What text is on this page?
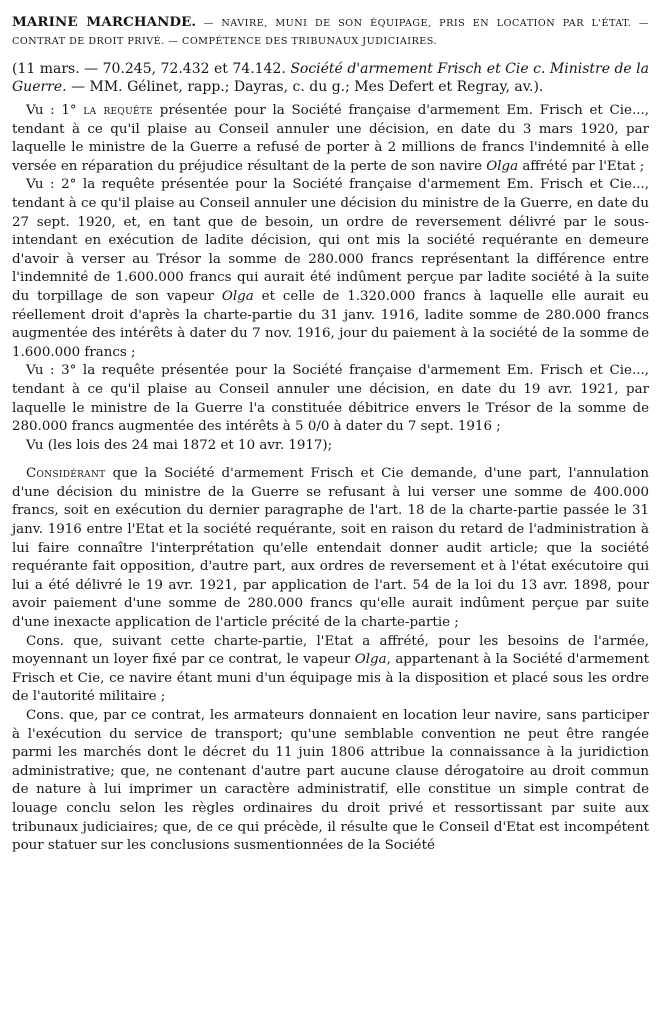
MARINE MARCHANDE. — NAVIRE, MUNI DE SON ÉQUIPAGE, PRIS EN LOCATION PAR L'ÉTAT. — CONTRAT DE DROIT PRIVÉ. — COMPÉTENCE DES TRIBUNAUX JUDICIAIRES.
(11 mars. — 70.245, 72.432 et 74.142. Société d'armement Frisch et Cie c. Ministre de la Guerre. — MM. Gélinet, rapp.; Dayras, c. du g.; Mes Defert et Regray, av.).

Vu : 1° la requête présentée pour la Société française d'armement Em. Frisch et Cie..., tendant à ce qu'il plaise au Conseil annuler une décision, en date du 3 mars 1920, par laquelle le ministre de la Guerre a refusé de porter à 2 millions de francs l'indemnité à elle versée en réparation du préjudice résultant de la perte de son navire Olga affrété par l'Etat ;

Vu : 2° la requête présentée pour la Société française d'armement Em. Frisch et Cie..., tendant à ce qu'il plaise au Conseil annuler une décision du ministre de la Guerre, en date du 27 sept. 1920, et, en tant que de besoin, un ordre de reversement délivré par le sous-intendant en exécution de ladite décision, qui ont mis la société requérante en demeure d'avoir à verser au Trésor la somme de 280.000 francs représentant la différence entre l'indemnité de 1.600.000 francs qui aurait été indûment perçue par ladite société à la suite du torpillage de son vapeur Olga et celle de 1.320.000 francs à laquelle elle aurait eu réellement droit d'après la charte-partie du 31 janv. 1916, ladite somme de 280.000 francs augmentée des intérêts à dater du 7 nov. 1916, jour du paiement à la société de la somme de 1.600.000 francs ;

Vu : 3° la requête présentée pour la Société française d'armement Em. Frisch et Cie..., tendant à ce qu'il plaise au Conseil annuler une décision, en date du 19 avr. 1921, par laquelle le ministre de la Guerre l'a constituée débitrice envers le Trésor de la somme de 280.000 francs augmentée des intérêts à 5 0/0 à dater du 7 sept. 1916 ;

Vu (les lois des 24 mai 1872 et 10 avr. 1917);

Considérant que la Société d'armement Frisch et Cie demande, d'une part, l'annulation d'une décision du ministre de la Guerre se refusant à lui verser une somme de 400.000 francs, soit en exécution du dernier paragraphe de l'art. 18 de la charte-partie passée le 31 janv. 1916 entre l'Etat et la société requérante, soit en raison du retard de l'administration à lui faire connaître l'interprétation qu'elle entendait donner audit article; que la société requérante fait opposition, d'autre part, aux ordres de reversement et à l'état exécutoire qui lui a été délivré le 19 avr. 1921, par application de l'art. 54 de la loi du 13 avr. 1898, pour avoir paiement d'une somme de 280.000 francs qu'elle aurait indûment perçue par suite d'une inexacte application de l'article précité de la charte-partie ;

Cons. que, suivant cette charte-partie, l'Etat a affrété, pour les besoins de l'armée, moyennant un loyer fixé par ce contrat, le vapeur Olga, appartenant à la Société d'armement Frisch et Cie, ce navire étant muni d'un équipage mis à la disposition et placé sous les ordre de l'autorité militaire ;

Cons. que, par ce contrat, les armateurs donnaient en location leur navire, sans participer à l'exécution du service de transport; qu'une semblable convention ne peut être rangée parmi les marchés dont le décret du 11 juin 1806 attribue la connaissance à la juridiction administrative; que, ne contenant d'autre part aucune clause dérogatoire au droit commun de nature à lui imprimer un caractère administratif, elle constitue un simple contrat de louage conclu selon les règles ordinaires du droit privé et ressortissant par suite aux tribunaux judiciaires; que, de ce qui précède, il résulte que le Conseil d'Etat est incompétent pour statuer sur les conclusions susmentionnées de la Société
